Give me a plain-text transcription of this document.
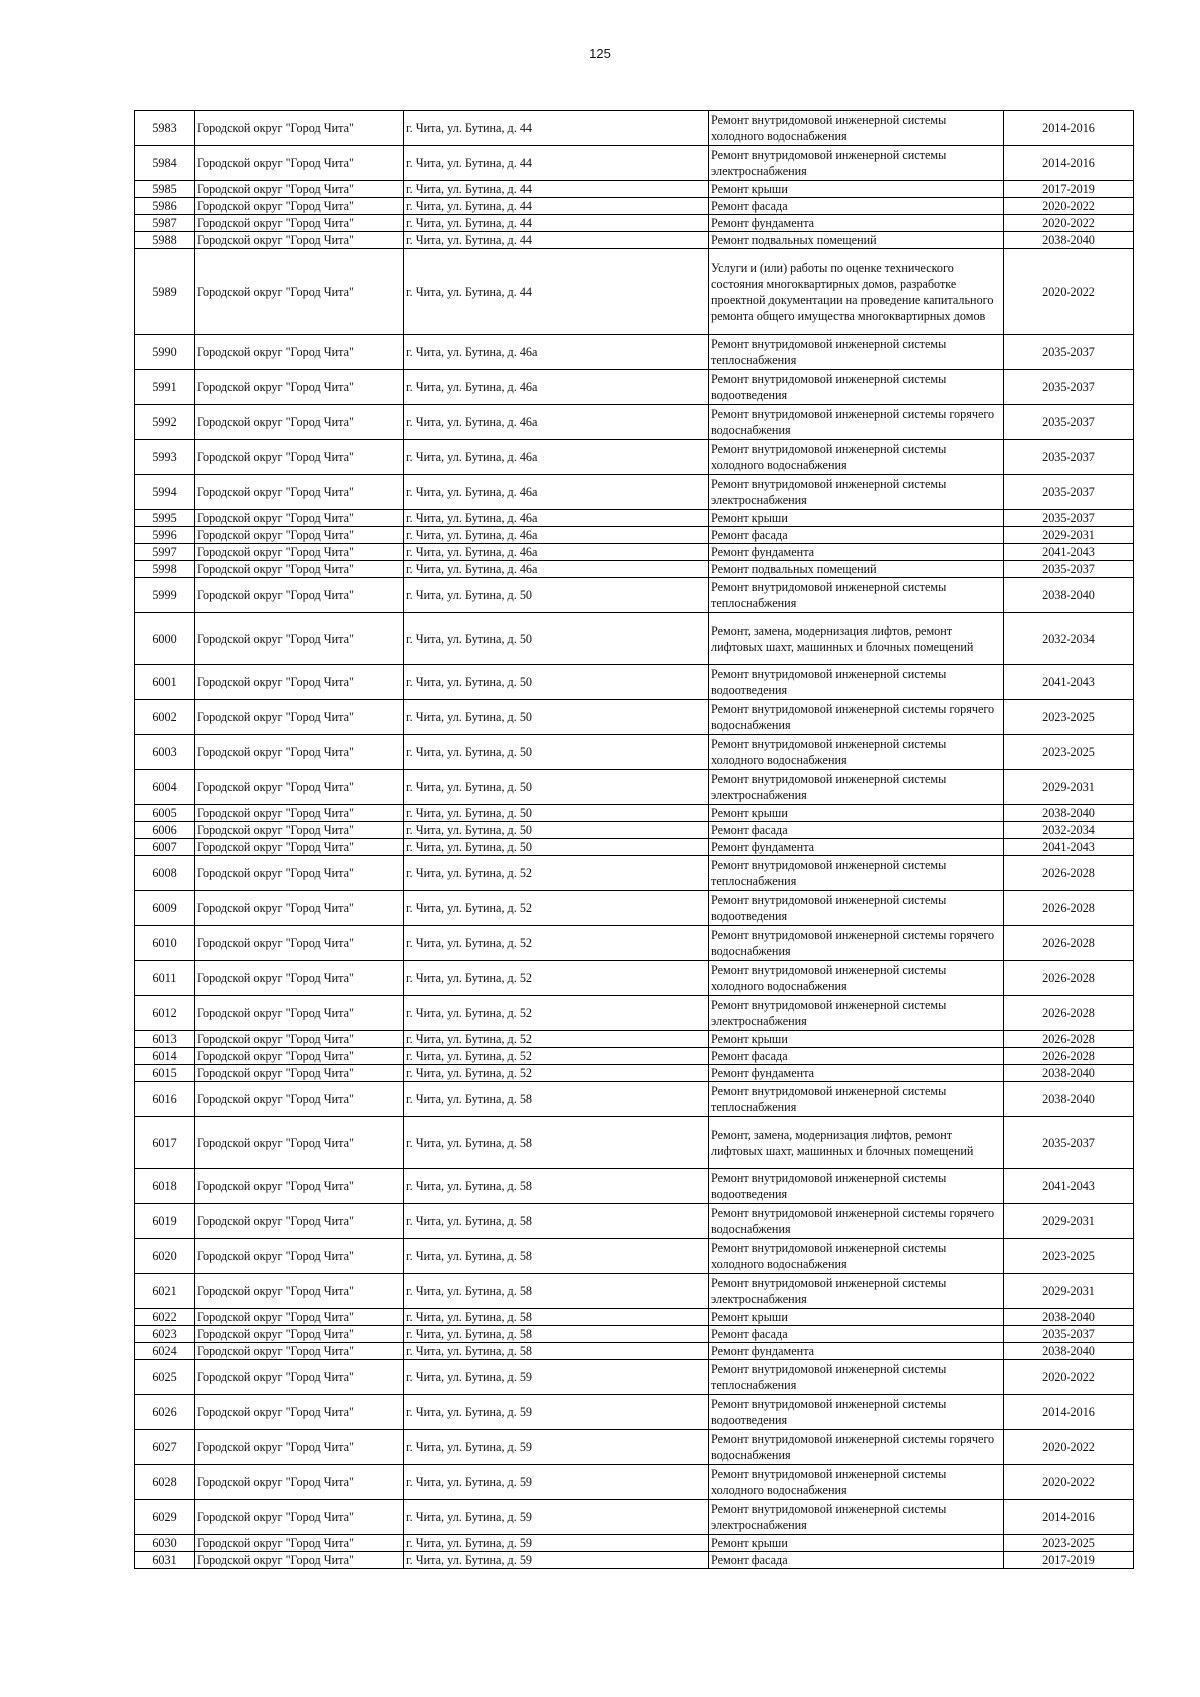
125
5983	Городской округ "Город Чита"	г. Чита, ул. Бутина, д. 44	Ремонт внутридомовой инженерной системы холодного водоснабжения	2014-2016
5984	Городской округ "Город Чита"	г. Чита, ул. Бутина, д. 44	Ремонт внутридомовой инженерной системы электроснабжения	2014-2016
5985	Городской округ "Город Чита"	г. Чита, ул. Бутина, д. 44	Ремонт крыши	2017-2019
5986	Городской округ "Город Чита"	г. Чита, ул. Бутина, д. 44	Ремонт фасада	2020-2022
5987	Городской округ "Город Чита"	г. Чита, ул. Бутина, д. 44	Ремонт фундамента	2020-2022
5988	Городской округ "Город Чита"	г. Чита, ул. Бутина, д. 44	Ремонт подвальных помещений	2038-2040
5989	Городской округ "Город Чита"	г. Чита, ул. Бутина, д. 44	Услуги и (или) работы по оценке технического состояния многоквартирных домов, разработке проектной документации на проведение капитального ремонта общего имущества многоквартирных домов	2020-2022
5990	Городской округ "Город Чита"	г. Чита, ул. Бутина, д. 46а	Ремонт внутридомовой инженерной системы теплоснабжения	2035-2037
5991	Городской округ "Город Чита"	г. Чита, ул. Бутина, д. 46а	Ремонт внутридомовой инженерной системы водоотведения	2035-2037
5992	Городской округ "Город Чита"	г. Чита, ул. Бутина, д. 46а	Ремонт внутридомовой инженерной системы горячего водоснабжения	2035-2037
5993	Городской округ "Город Чита"	г. Чита, ул. Бутина, д. 46а	Ремонт внутридомовой инженерной системы холодного водоснабжения	2035-2037
5994	Городской округ "Город Чита"	г. Чита, ул. Бутина, д. 46а	Ремонт внутридомовой инженерной системы электроснабжения	2035-2037
5995	Городской округ "Город Чита"	г. Чита, ул. Бутина, д. 46а	Ремонт крыши	2035-2037
5996	Городской округ "Город Чита"	г. Чита, ул. Бутина, д. 46а	Ремонт фасада	2029-2031
5997	Городской округ "Город Чита"	г. Чита, ул. Бутина, д. 46а	Ремонт фундамента	2041-2043
5998	Городской округ "Город Чита"	г. Чита, ул. Бутина, д. 46а	Ремонт подвальных помещений	2035-2037
5999	Городской округ "Город Чита"	г. Чита, ул. Бутина, д. 50	Ремонт внутридомовой инженерной системы теплоснабжения	2038-2040
6000	Городской округ "Город Чита"	г. Чита, ул. Бутина, д. 50	Ремонт, замена, модернизация лифтов, ремонт лифтовых шахт, машинных и блочных помещений	2032-2034
6001	Городской округ "Город Чита"	г. Чита, ул. Бутина, д. 50	Ремонт внутридомовой инженерной системы водоотведения	2041-2043
6002	Городской округ "Город Чита"	г. Чита, ул. Бутина, д. 50	Ремонт внутридомовой инженерной системы горячего водоснабжения	2023-2025
6003	Городской округ "Город Чита"	г. Чита, ул. Бутина, д. 50	Ремонт внутридомовой инженерной системы холодного водоснабжения	2023-2025
6004	Городской округ "Город Чита"	г. Чита, ул. Бутина, д. 50	Ремонт внутридомовой инженерной системы электроснабжения	2029-2031
6005	Городской округ "Город Чита"	г. Чита, ул. Бутина, д. 50	Ремонт крыши	2038-2040
6006	Городской округ "Город Чита"	г. Чита, ул. Бутина, д. 50	Ремонт фасада	2032-2034
6007	Городской округ "Город Чита"	г. Чита, ул. Бутина, д. 50	Ремонт фундамента	2041-2043
6008	Городской округ "Город Чита"	г. Чита, ул. Бутина, д. 52	Ремонт внутридомовой инженерной системы теплоснабжения	2026-2028
6009	Городской округ "Город Чита"	г. Чита, ул. Бутина, д. 52	Ремонт внутридомовой инженерной системы водоотведения	2026-2028
6010	Городской округ "Город Чита"	г. Чита, ул. Бутина, д. 52	Ремонт внутридомовой инженерной системы горячего водоснабжения	2026-2028
6011	Городской округ "Город Чита"	г. Чита, ул. Бутина, д. 52	Ремонт внутридомовой инженерной системы холодного водоснабжения	2026-2028
6012	Городской округ "Город Чита"	г. Чита, ул. Бутина, д. 52	Ремонт внутридомовой инженерной системы электроснабжения	2026-2028
6013	Городской округ "Город Чита"	г. Чита, ул. Бутина, д. 52	Ремонт крыши	2026-2028
6014	Городской округ "Город Чита"	г. Чита, ул. Бутина, д. 52	Ремонт фасада	2026-2028
6015	Городской округ "Город Чита"	г. Чита, ул. Бутина, д. 52	Ремонт фундамента	2038-2040
6016	Городской округ "Город Чита"	г. Чита, ул. Бутина, д. 58	Ремонт внутридомовой инженерной системы теплоснабжения	2038-2040
6017	Городской округ "Город Чита"	г. Чита, ул. Бутина, д. 58	Ремонт, замена, модернизация лифтов, ремонт лифтовых шахт, машинных и блочных помещений	2035-2037
6018	Городской округ "Город Чита"	г. Чита, ул. Бутина, д. 58	Ремонт внутридомовой инженерной системы водоотведения	2041-2043
6019	Городской округ "Город Чита"	г. Чита, ул. Бутина, д. 58	Ремонт внутридомовой инженерной системы горячего водоснабжения	2029-2031
6020	Городской округ "Город Чита"	г. Чита, ул. Бутина, д. 58	Ремонт внутридомовой инженерной системы холодного водоснабжения	2023-2025
6021	Городской округ "Город Чита"	г. Чита, ул. Бутина, д. 58	Ремонт внутридомовой инженерной системы электроснабжения	2029-2031
6022	Городской округ "Город Чита"	г. Чита, ул. Бутина, д. 58	Ремонт крыши	2038-2040
6023	Городской округ "Город Чита"	г. Чита, ул. Бутина, д. 58	Ремонт фасада	2035-2037
6024	Городской округ "Город Чита"	г. Чита, ул. Бутина, д. 58	Ремонт фундамента	2038-2040
6025	Городской округ "Город Чита"	г. Чита, ул. Бутина, д. 59	Ремонт внутридомовой инженерной системы теплоснабжения	2020-2022
6026	Городской округ "Город Чита"	г. Чита, ул. Бутина, д. 59	Ремонт внутридомовой инженерной системы водоотведения	2014-2016
6027	Городской округ "Город Чита"	г. Чита, ул. Бутина, д. 59	Ремонт внутридомовой инженерной системы горячего водоснабжения	2020-2022
6028	Городской округ "Город Чита"	г. Чита, ул. Бутина, д. 59	Ремонт внутридомовой инженерной системы холодного водоснабжения	2020-2022
6029	Городской округ "Город Чита"	г. Чита, ул. Бутина, д. 59	Ремонт внутридомовой инженерной системы электроснабжения	2014-2016
6030	Городской округ "Город Чита"	г. Чита, ул. Бутина, д. 59	Ремонт крыши	2023-2025
6031	Городской округ "Город Чита"	г. Чита, ул. Бутина, д. 59	Ремонт фасада	2017-2019
